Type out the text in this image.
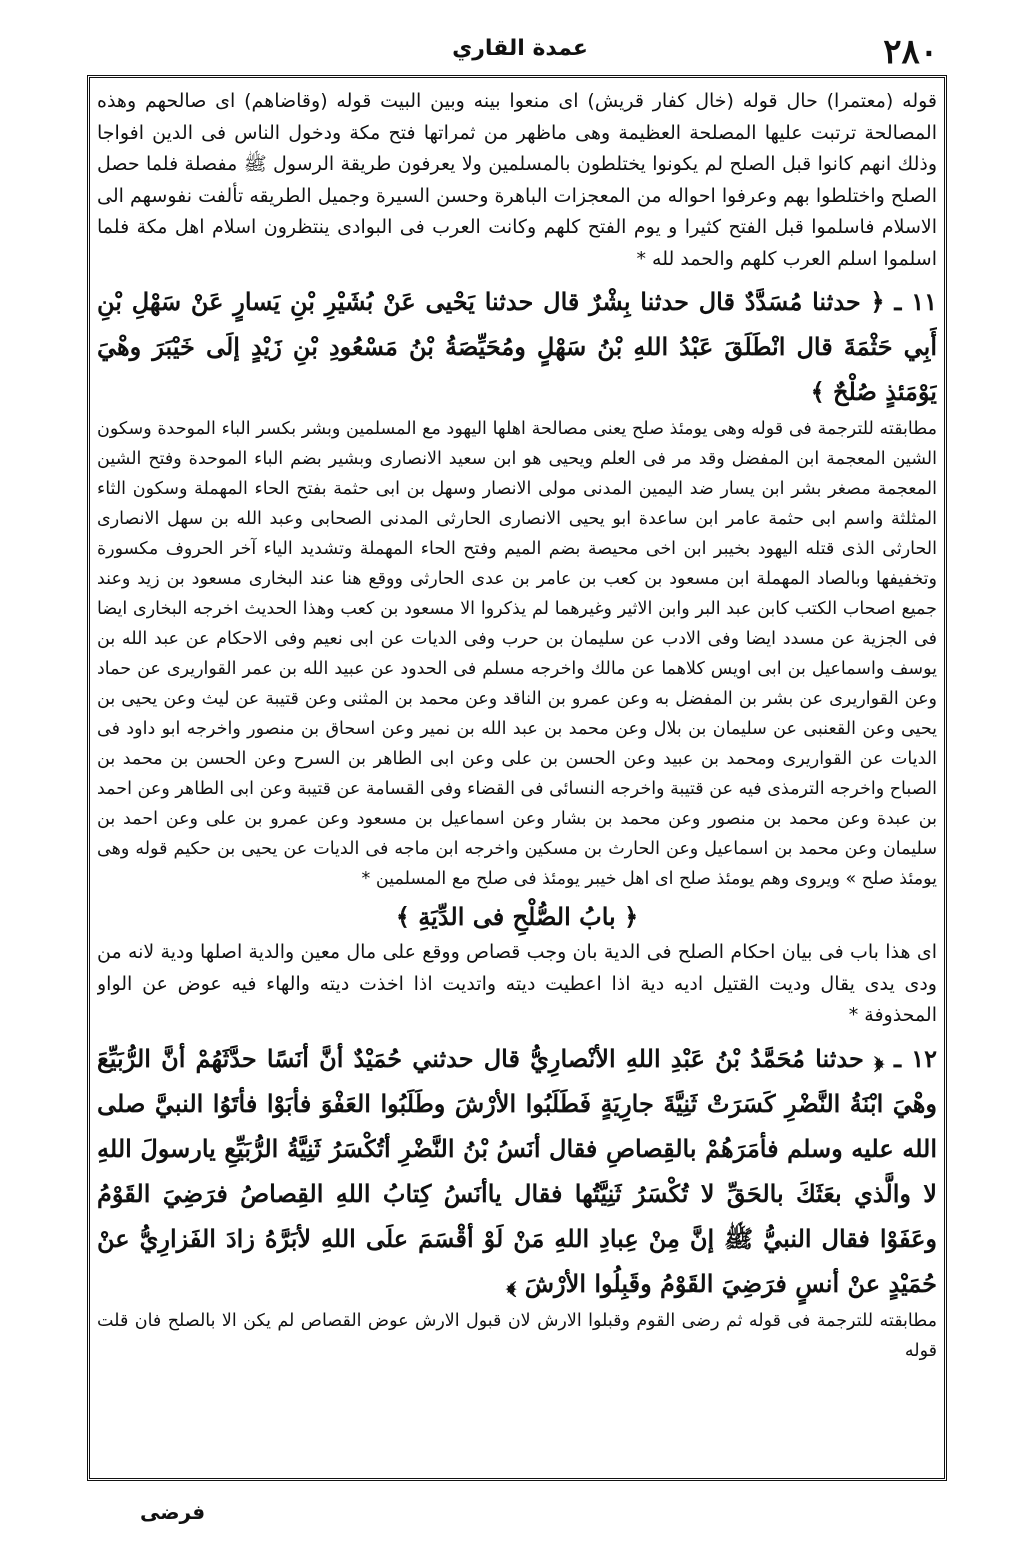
۲۸۰
عمدة القاري

قوله (معتمرا) حال قوله (خال كفار قريش) اى منعوا بينه وبين البيت قوله (وقاضاهم) اى صالحهم وهذه المصالحة ترتبت عليها المصلحة العظيمة وهى ماظهر من ثمراتها فتح مكة ودخول الناس فى الدين افواجا وذلك انهم كانوا قبل الصلح لم يكونوا يختلطون بالمسلمين ولا يعرفون طريقة الرسول ﷺ مفصلة فلما حصل الصلح واختلطوا بهم وعرفوا احواله من المعجزات الباهرة وحسن السيرة وجميل الطريقه تألفت نفوسهم الى الاسلام فاسلموا قبل الفتح كثيرا و يوم الفتح كلهم وكانت العرب فى البوادى ينتظرون اسلام اهل مكة فلما اسلموا اسلم العرب كلهم والحمد لله *

١١ ـ ﴿ حدثنا مُسَدَّدٌ قال حدثنا بِشْرٌ قال حدثنا يَحْيى عَنْ بُشَيْرِ بْنِ يَسارٍ عَنْ سَهْلِ بْنِ أَبِي حَثْمَةَ قال انْطَلَقَ عَبْدُ اللهِ بْنُ سَهْلٍ ومُحَيِّصَةُ بْنُ مَسْعُودِ بْنِ زَيْدٍ إلَى خَيْبَرَ وهْيَ يَوْمَئذٍ صُلْحٌ ﴾

مطابقته للترجمة فى قوله وهى يومئذ صلح يعنى مصالحة اهلها اليهود مع المسلمين وبشر بكسر الباء الموحدة وسكون الشين المعجمة ابن المفضل وقد مر فى العلم ويحيى هو ابن سعيد الانصارى وبشير بضم الباء الموحدة وفتح الشين المعجمة مصغر بشر ابن يسار ضد اليمين المدنى مولى الانصار وسهل بن ابى حثمة بفتح الحاء المهملة وسكون الثاء المثلثة واسم ابى حثمة عامر ابن ساعدة ابو يحيى الانصارى الحارثى المدنى الصحابى وعبد الله بن سهل الانصارى الحارثى الذى قتله اليهود بخيبر ابن اخى محيصة بضم الميم وفتح الحاء المهملة وتشديد الياء آخر الحروف مكسورة وتخفيفها وبالصاد المهملة ابن مسعود بن كعب بن عامر بن عدى الحارثى ووقع هنا عند البخارى مسعود بن زيد وعند جميع اصحاب الكتب كابن عبد البر وابن الاثير وغيرهما لم يذكروا الا مسعود بن كعب وهذا الحديث اخرجه البخارى ايضا فى الجزية عن مسدد ايضا وفى الادب عن سليمان بن حرب وفى الديات عن ابى نعيم وفى الاحكام عن عبد الله بن يوسف واسماعيل بن ابى اويس كلاهما عن مالك واخرجه مسلم فى الحدود عن عبيد الله بن عمر القواريرى عن حماد وعن القواريرى عن بشر بن المفضل به وعن عمرو بن الناقد وعن محمد بن المثنى وعن قتيبة عن ليث وعن يحيى بن يحيى وعن القعنبى عن سليمان بن بلال وعن محمد بن عبد الله بن نمير وعن اسحاق بن منصور واخرجه ابو داود فى الديات عن القواريرى ومحمد بن عبيد وعن الحسن بن على وعن ابى الطاهر بن السرح وعن الحسن بن محمد بن الصباح واخرجه الترمذى فيه عن قتيبة واخرجه النسائى فى القضاء وفى القسامة عن قتيبة وعن ابى الطاهر وعن احمد بن عبدة وعن محمد بن منصور وعن محمد بن بشار وعن اسماعيل بن مسعود وعن عمرو بن على وعن احمد بن سليمان وعن محمد بن اسماعيل وعن الحارث بن مسكين واخرجه ابن ماجه فى الديات عن يحيى بن حكيم قوله وهى يومئذ صلح » ويروى وهم يومئذ صلح اى اهل خيبر يومئذ فى صلح مع المسلمين *

﴿ بابُ الصُّلْحِ فى الدِّيَةِ ﴾

اى هذا باب فى بيان احكام الصلح فى الدية بان وجب قصاص ووقع على مال معين والدية اصلها ودية لانه من ودى يدى يقال وديت القتيل اديه دية اذا اعطيت ديته واتديت اذا اخذت ديته والهاء فيه عوض عن الواو المحذوفة *

١٢ ـ ﴿ حدثنا مُحَمَّدُ بْنُ عَبْدِ اللهِ الأنْصارِيُّ قال حدثني حُمَيْدٌ أنَّ أنَسًا حدَّثَهُمْ أنَّ الرُّبَيِّعَ وهْيَ ابْنَةُ النَّضْرِ كَسَرَتْ ثَنِيَّةَ جارِيَةٍ فَطَلَبُوا الأرْشَ وطَلَبُوا العَفْوَ فأبَوْا فأتَوُا النبيَّ صلى الله عليه وسلم فأمَرَهُمْ بالقِصاصِ فقال أنَسُ بْنُ النَّضْرِ أتُكْسَرُ ثَنِيَّةُ الرُّبَيِّعِ يارسولَ اللهِ لا والَّذي بعَثَكَ بالحَقِّ لا تُكْسَرُ ثَنِيَّتُها فقال ياأنَسُ كِتابُ اللهِ القِصاصُ فرَضِيَ القَوْمُ وعَفَوْا فقال النبيُّ ﷺ إنَّ مِنْ عِبادِ اللهِ مَنْ لَوْ أقْسَمَ علَى اللهِ لأبَرَّهُ زادَ الفَزارِيُّ عنْ حُمَيْدٍ عنْ أنسٍ فرَضِيَ القَوْمُ وقَبِلُوا الأرْشَ ﴾

مطابقته للترجمة فى قوله ثم رضى القوم وقبلوا الارش لان قبول الارش عوض القصاص لم يكن الا بالصلح فان قلت قوله

فرضى
